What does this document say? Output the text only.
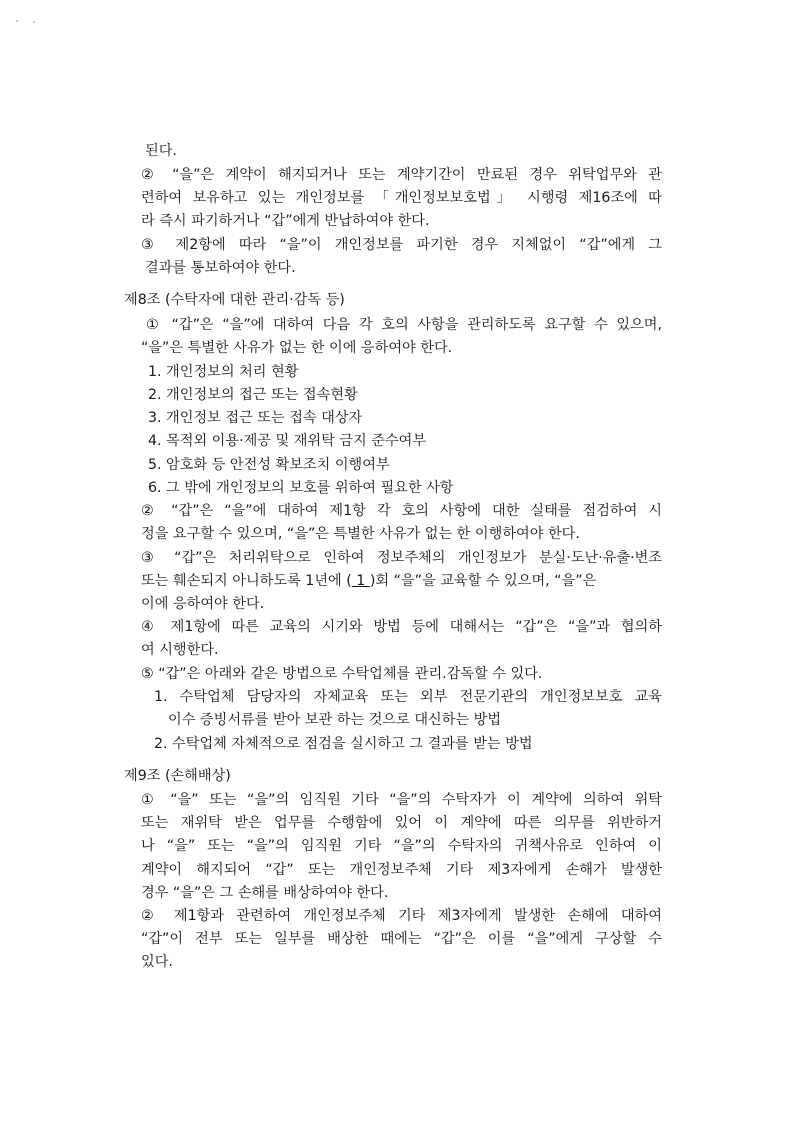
된다.
② “을”은 계약이 해지되거나 또는 계약기간이 만료된 경우 위탁업무와 관
련하여 보유하고 있는 개인정보를 「개인정보보호법」 시행령 제16조에 따
라 즉시 파기하거나 “갑”에게 반납하여야 한다.
③ 제2항에 따라 “을”이 개인정보를 파기한 경우 지체없이 “갑”에게 그
결과를 통보하여야 한다.
제8조 (수탁자에 대한 관리·감독 등)
① “갑”은 “을”에 대하여 다음 각 호의 사항을 관리하도록 요구할 수 있으며,
“을”은 특별한 사유가 없는 한 이에 응하여야 한다.
1. 개인정보의 처리 현황
2. 개인정보의 접근 또는 접속현황
3. 개인정보 접근 또는 접속 대상자
4. 목적외 이용·제공 및 재위탁 금지 준수여부
5. 암호화 등 안전성 확보조치 이행여부
6. 그 밖에 개인정보의 보호를 위하여 필요한 사항
② “갑”은 “을”에 대하여 제1항 각 호의 사항에 대한 실태를 점검하여 시
정을 요구할 수 있으며, “을”은 특별한 사유가 없는 한 이행하여야 한다.
③ “갑”은 처리위탁으로 인하여 정보주체의 개인정보가 분실·도난·유출·변조
또는 훼손되지 아니하도록 1년에 ( 1 )회 “을”을 교육할 수 있으며, “을”은
이에 응하여야 한다.
④ 제1항에 따른 교육의 시기와 방법 등에 대해서는 “갑”은 “을”과 협의하
여 시행한다.
⑤ “갑”은 아래와 같은 방법으로 수탁업체를 관리.감독할 수 있다.
1. 수탁업체 담당자의 자체교육 또는 외부 전문기관의 개인정보보호 교육
이수 증빙서류를 받아 보관 하는 것으로 대신하는 방법
2. 수탁업체 자체적으로 점검을 실시하고 그 결과를 받는 방법
제9조 (손해배상)
① “을” 또는 “을”의 임직원 기타 “을”의 수탁자가 이 계약에 의하여 위탁
또는 재위탁 받은 업무를 수행함에 있어 이 계약에 따른 의무를 위반하거
나 “을” 또는 “을”의 임직원 기타 “을”의 수탁자의 귀책사유로 인하여 이
계약이 해지되어 “갑” 또는 개인정보주체 기타 제3자에게 손해가 발생한
경우 “을”은 그 손해를 배상하여야 한다.
② 제1항과 관련하여 개인정보주체 기타 제3자에게 발생한 손해에 대하여
“갑”이 전부 또는 일부를 배상한 때에는 “갑”은 이를 “을”에게 구상할 수
있다.
